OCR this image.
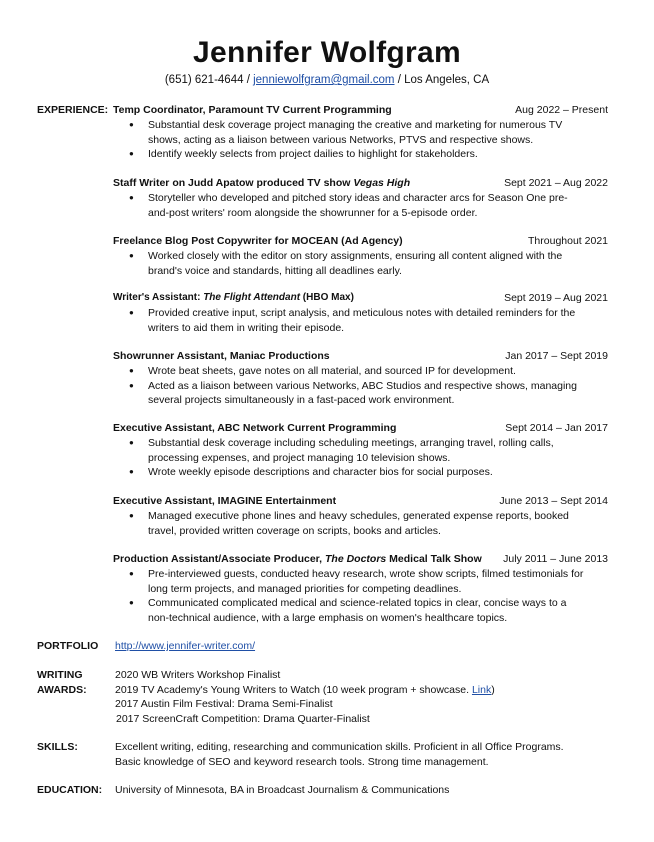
Jennifer Wolfgram
(651) 621-4644 / jenniewolfgram@gmail.com / Los Angeles, CA
EXPERIENCE: Temp Coordinator, Paramount TV Current Programming	Aug 2022 – Present
● Substantial desk coverage project managing the creative and marketing for numerous TV shows, acting as a liaison between various Networks, PTVS and respective shows.
● Identify weekly selects from project dailies to highlight for stakeholders.
Staff Writer on Judd Apatow produced TV show Vegas High	Sept 2021 – Aug 2022
● Storyteller who developed and pitched story ideas and character arcs for Season One pre-and-post writers' room alongside the showrunner for a 5-episode order.
Freelance Blog Post Copywriter for MOCEAN (Ad Agency)	Throughout 2021
● Worked closely with the editor on story assignments, ensuring all content aligned with the brand's voice and standards, hitting all deadlines early.
Writer's Assistant: The Flight Attendant (HBO Max)	Sept 2019 – Aug 2021
● Provided creative input, script analysis, and meticulous notes with detailed reminders for the writers to aid them in writing their episode.
Showrunner Assistant, Maniac Productions	Jan 2017 – Sept 2019
● Wrote beat sheets, gave notes on all material, and sourced IP for development.
● Acted as a liaison between various Networks, ABC Studios and respective shows, managing several projects simultaneously in a fast-paced work environment.
Executive Assistant, ABC Network Current Programming	Sept 2014 – Jan 2017
● Substantial desk coverage including scheduling meetings, arranging travel, rolling calls, processing expenses, and project managing 10 television shows.
● Wrote weekly episode descriptions and character bios for social purposes.
Executive Assistant, IMAGINE Entertainment	June 2013 – Sept 2014
● Managed executive phone lines and heavy schedules, generated expense reports, booked travel, provided written coverage on scripts, books and articles.
Production Assistant/Associate Producer, The Doctors Medical Talk Show July 2011 – June 2013
● Pre-interviewed guests, conducted heavy research, wrote show scripts, filmed testimonials for long term projects, and managed priorities for competing deadlines.
● Communicated complicated medical and science-related topics in clear, concise ways to a non-technical audience, with a large emphasis on women's healthcare topics.
PORTFOLIO http://www.jennifer-writer.com/
WRITING
AWARDS:
2020 WB Writers Workshop Finalist
2019 TV Academy's Young Writers to Watch (10 week program + showcase. Link)
2017 Austin Film Festival: Drama Semi-Finalist
2017 ScreenCraft Competition: Drama Quarter-Finalist
SKILLS:	Excellent writing, editing, researching and communication skills. Proficient in all Office Programs.
Basic knowledge of SEO and keyword research tools. Strong time management.
EDUCATION: University of Minnesota, BA in Broadcast Journalism & Communications
